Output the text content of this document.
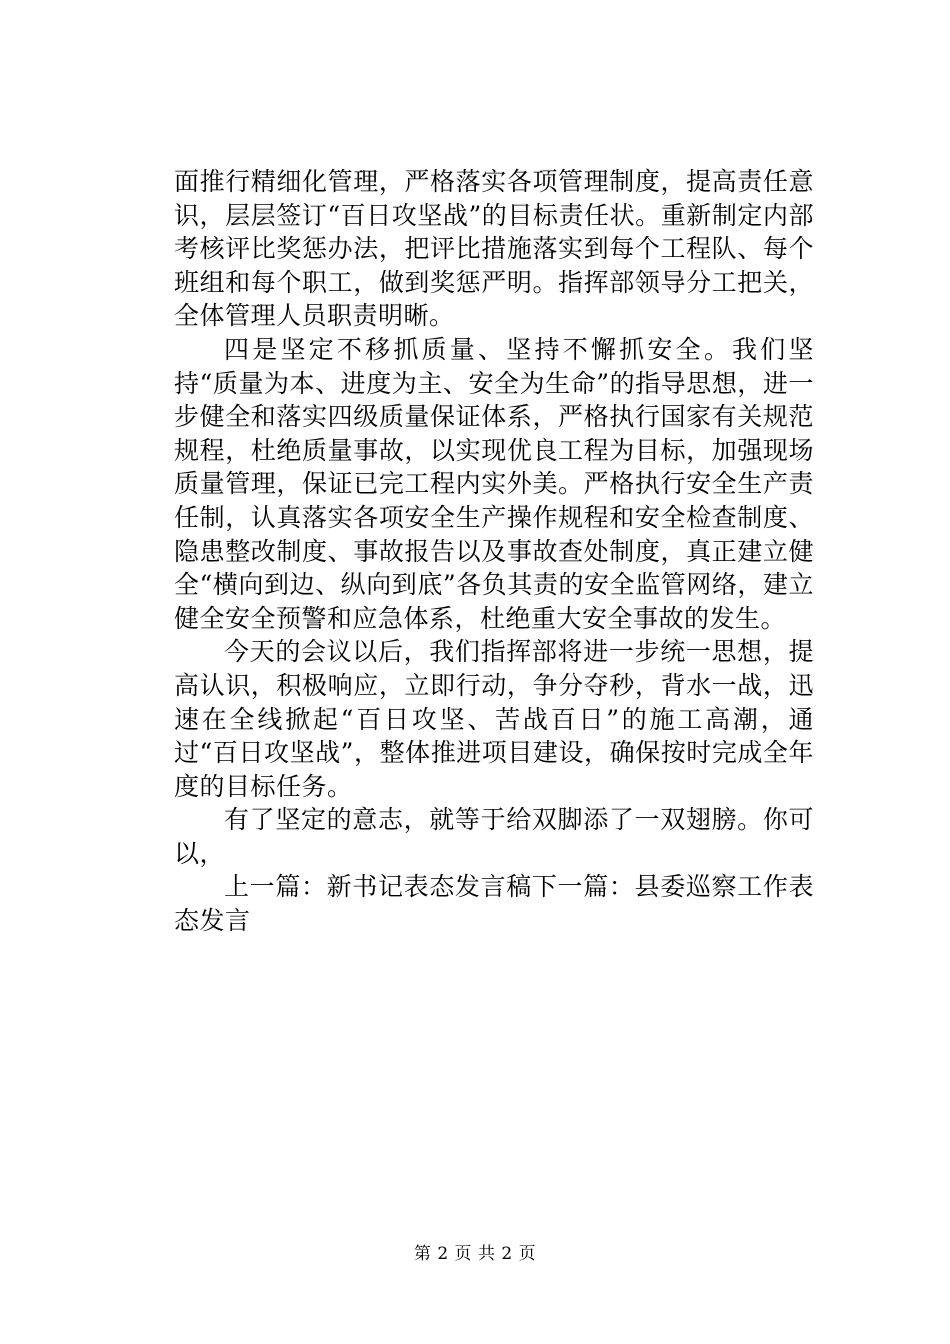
面推行精细化管理，严格落实各项管理制度，提高责任意识，层层签订“百日攻坚战”的目标责任状。重新制定内部考核评比奖惩办法，把评比措施落实到每个工程队、每个班组和每个职工，做到奖惩严明。指挥部领导分工把关，全体管理人员职责明晰。

四是坚定不移抓质量、坚持不懈抓安全。我们坚持“质量为本、进度为主、安全为生命”的指导思想，进一步健全和落实四级质量保证体系，严格执行国家有关规范规程，杜绝质量事故，以实现优良工程为目标，加强现场质量管理，保证已完工程内实外美。严格执行安全生产责任制，认真落实各项安全生产操作规程和安全检查制度、隐患整改制度、事故报告以及事故查处制度，真正建立健全“横向到边、纵向到底”各负其责的安全监管网络，建立健全安全预警和应急体系，杜绝重大安全事故的发生。

今天的会议以后，我们指挥部将进一步统一思想，提高认识，积极响应，立即行动，争分夺秒，背水一战，迅速在全线掀起“百日攻坚、苦战百日”的施工高潮，通过“百日攻坚战”，整体推进项目建设，确保按时完成全年度的目标任务。

有了坚定的意志，就等于给双脚添了一双翅膀。你可以，

上一篇：新书记表态发言稿下一篇：县委巡察工作表态发言

第 2 页 共 2 页
